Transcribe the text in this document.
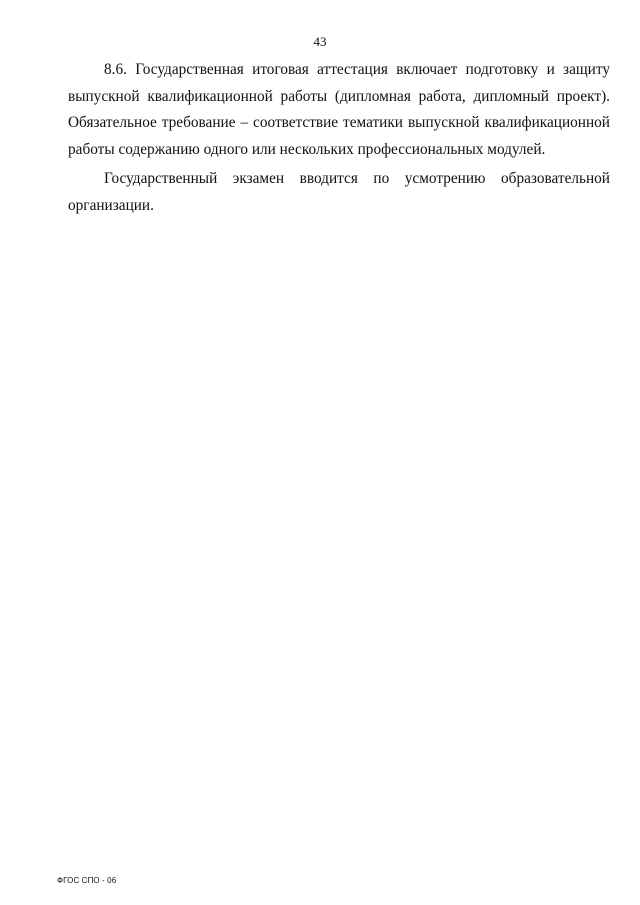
43

8.6. Государственная итоговая аттестация включает подготовку и защиту выпускной квалификационной работы (дипломная работа, дипломный проект). Обязательное требование – соответствие тематики выпускной квалификационной работы содержанию одного или нескольких профессиональных модулей.

Государственный экзамен вводится по усмотрению образовательной организации.

ФГОС СПО - 06
